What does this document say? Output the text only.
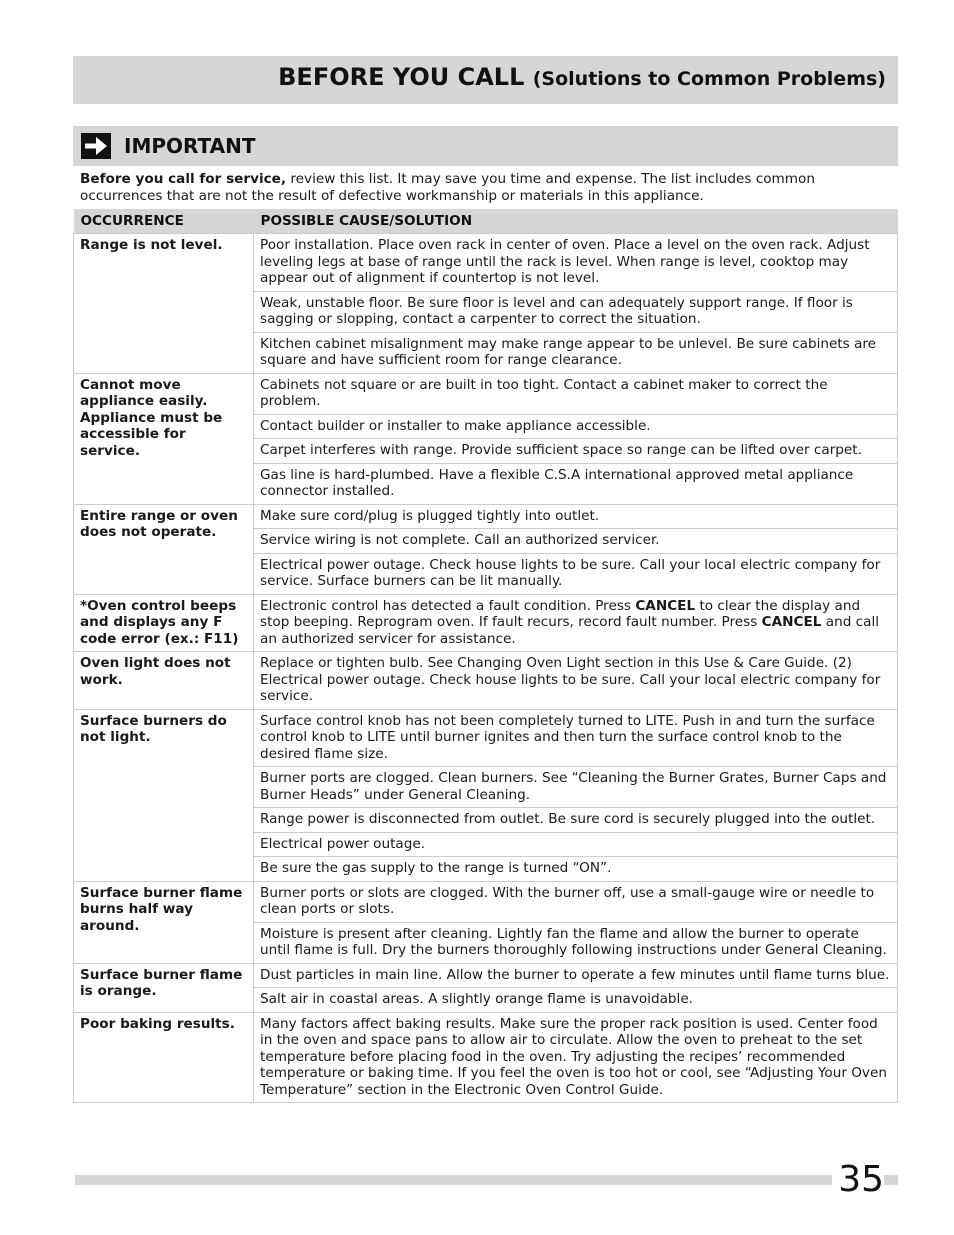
BEFORE YOU CALL (Solutions to Common Problems)
IMPORTANT

Before you call for service, review this list. It may save you time and expense. The list includes common occurrences that are not the result of defective workmanship or materials in this appliance.

OCCURRENCE	POSSIBLE CAUSE/SOLUTION
Range is not level.	Poor installation. Place oven rack in center of oven. Place a level on the oven rack. Adjust leveling legs at base of range until the rack is level. When range is level, cooktop may appear out of alignment if countertop is not level.
	Weak, unstable floor. Be sure floor is level and can adequately support range. If floor is sagging or slopping, contact a carpenter to correct the situation.
	Kitchen cabinet misalignment may make range appear to be unlevel. Be sure cabinets are square and have sufficient room for range clearance.
Cannot move appliance easily. Appliance must be accessible for service.	Cabinets not square or are built in too tight. Contact a cabinet maker to correct the problem.
	Contact builder or installer to make appliance accessible.
	Carpet interferes with range. Provide sufficient space so range can be lifted over carpet.
	Gas line is hard-plumbed. Have a flexible C.S.A international approved metal appliance connector installed.
Entire range or oven does not operate.	Make sure cord/plug is plugged tightly into outlet.
	Service wiring is not complete. Call an authorized servicer.
	Electrical power outage. Check house lights to be sure. Call your local electric company for service. Surface burners can be lit manually.
*Oven control beeps and displays any F code error (ex.: F11)	Electronic control has detected a fault condition. Press CANCEL to clear the display and stop beeping. Reprogram oven. If fault recurs, record fault number. Press CANCEL and call an authorized servicer for assistance.
Oven light does not work.	Replace or tighten bulb. See Changing Oven Light section in this Use & Care Guide. (2) Electrical power outage. Check house lights to be sure. Call your local electric company for service.
Surface burners do not light.	Surface control knob has not been completely turned to LITE. Push in and turn the surface control knob to LITE until burner ignites and then turn the surface control knob to the desired flame size.
	Burner ports are clogged. Clean burners. See “Cleaning the Burner Grates, Burner Caps and Burner Heads” under General Cleaning.
	Range power is disconnected from outlet. Be sure cord is securely plugged into the outlet.
	Electrical power outage.
	Be sure the gas supply to the range is turned “ON”.
Surface burner flame burns half way around.	Burner ports or slots are clogged. With the burner off, use a small-gauge wire or needle to clean ports or slots.
	Moisture is present after cleaning. Lightly fan the flame and allow the burner to operate until flame is full. Dry the burners thoroughly following instructions under General Cleaning.
Surface burner flame is orange.	Dust particles in main line. Allow the burner to operate a few minutes until flame turns blue.
	Salt air in coastal areas. A slightly orange flame is unavoidable.
Poor baking results.	Many factors affect baking results. Make sure the proper rack position is used. Center food in the oven and space pans to allow air to circulate. Allow the oven to preheat to the set temperature before placing food in the oven. Try adjusting the recipes’ recommended temperature or baking time. If you feel the oven is too hot or cool, see “Adjusting Your Oven Temperature” section in the Electronic Oven Control Guide.
35
